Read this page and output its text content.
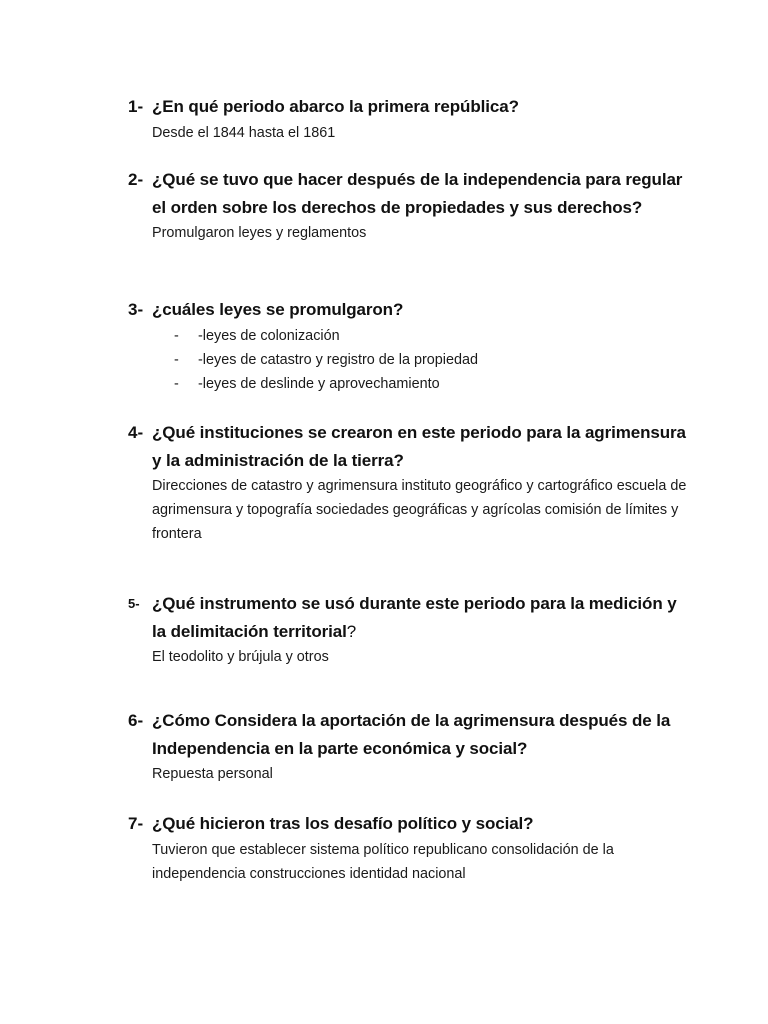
1- ¿En qué periodo abarco la primera república?
Desde el 1844 hasta el 1861
2- ¿Qué se tuvo que hacer después de la independencia para regular el orden sobre los derechos de propiedades y sus derechos?
Promulgaron leyes y reglamentos
3- ¿cuáles leyes se promulgaron?
-	-leyes de colonización
-	-leyes de catastro y registro de la propiedad
-	-leyes de deslinde y aprovechamiento
4- ¿Qué instituciones se crearon en este periodo para la agrimensura y la administración de la tierra?
Direcciones de catastro y agrimensura instituto geográfico y cartográfico escuela de agrimensura y topografía sociedades geográficas y agrícolas comisión de límites y frontera
5- ¿Qué instrumento se usó durante este periodo para la medición y la delimitación territorial?
El teodolito y brújula y otros
6- ¿Cómo Considera la aportación de la agrimensura después de la Independencia en la parte económica y social?
Repuesta personal
7- ¿Qué hicieron tras los desafío político y social?
Tuvieron que establecer sistema político republicano consolidación de la independencia construcciones identidad nacional
